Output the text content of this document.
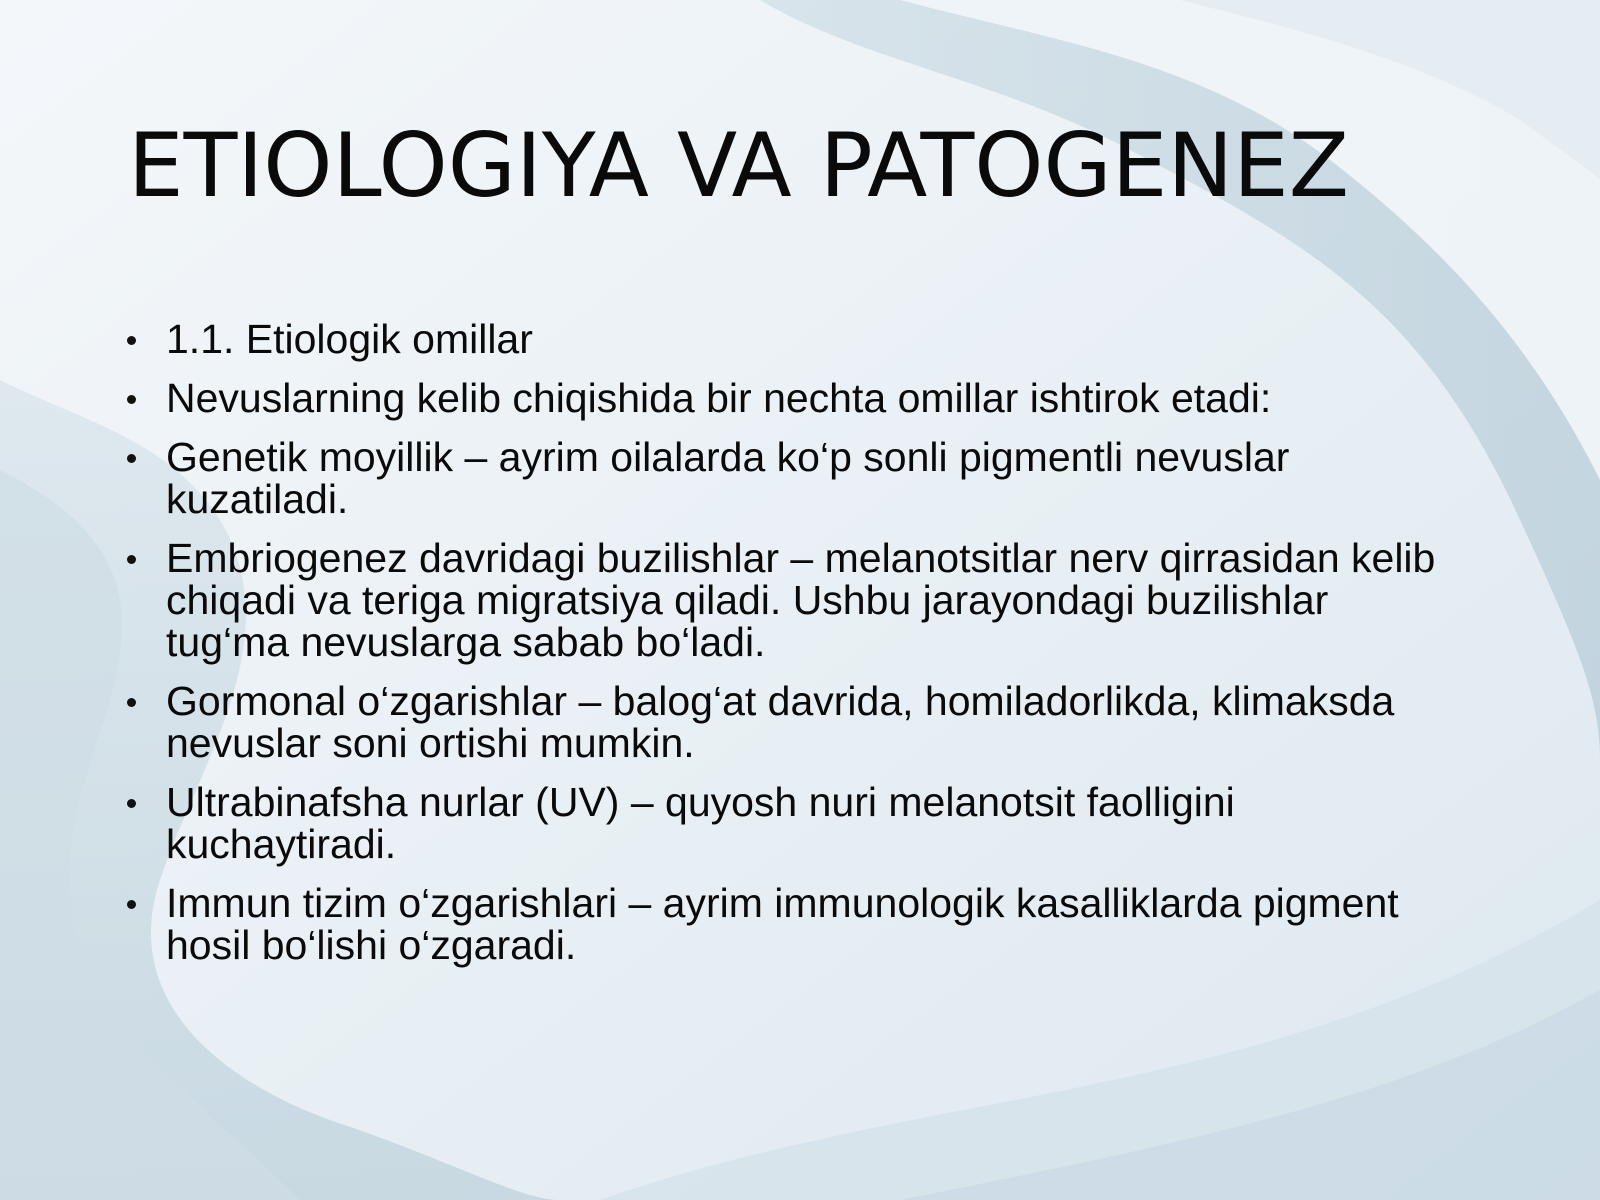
ETIOLOGIYA VA PATOGENEZ
1.1. Etiologik omillar
Nevuslarning kelib chiqishida bir nechta omillar ishtirok etadi:
Genetik moyillik – ayrim oilalarda ko‘p sonli pigmentli nevuslar kuzatiladi.
Embriogenez davridagi buzilishlar – melanotsitlar nerv qirrasidan kelib chiqadi va teriga migratsiya qiladi. Ushbu jarayondagi buzilishlar tug‘ma nevuslarga sabab bo‘ladi.
Gormonal o‘zgarishlar – balog‘at davrida, homiladorlikda, klimaksda nevuslar soni ortishi mumkin.
Ultrabinafsha nurlar (UV) – quyosh nuri melanotsit faolligini kuchaytiradi.
Immun tizim o‘zgarishlari – ayrim immunologik kasalliklarda pigment hosil bo‘lishi o‘zgaradi.
